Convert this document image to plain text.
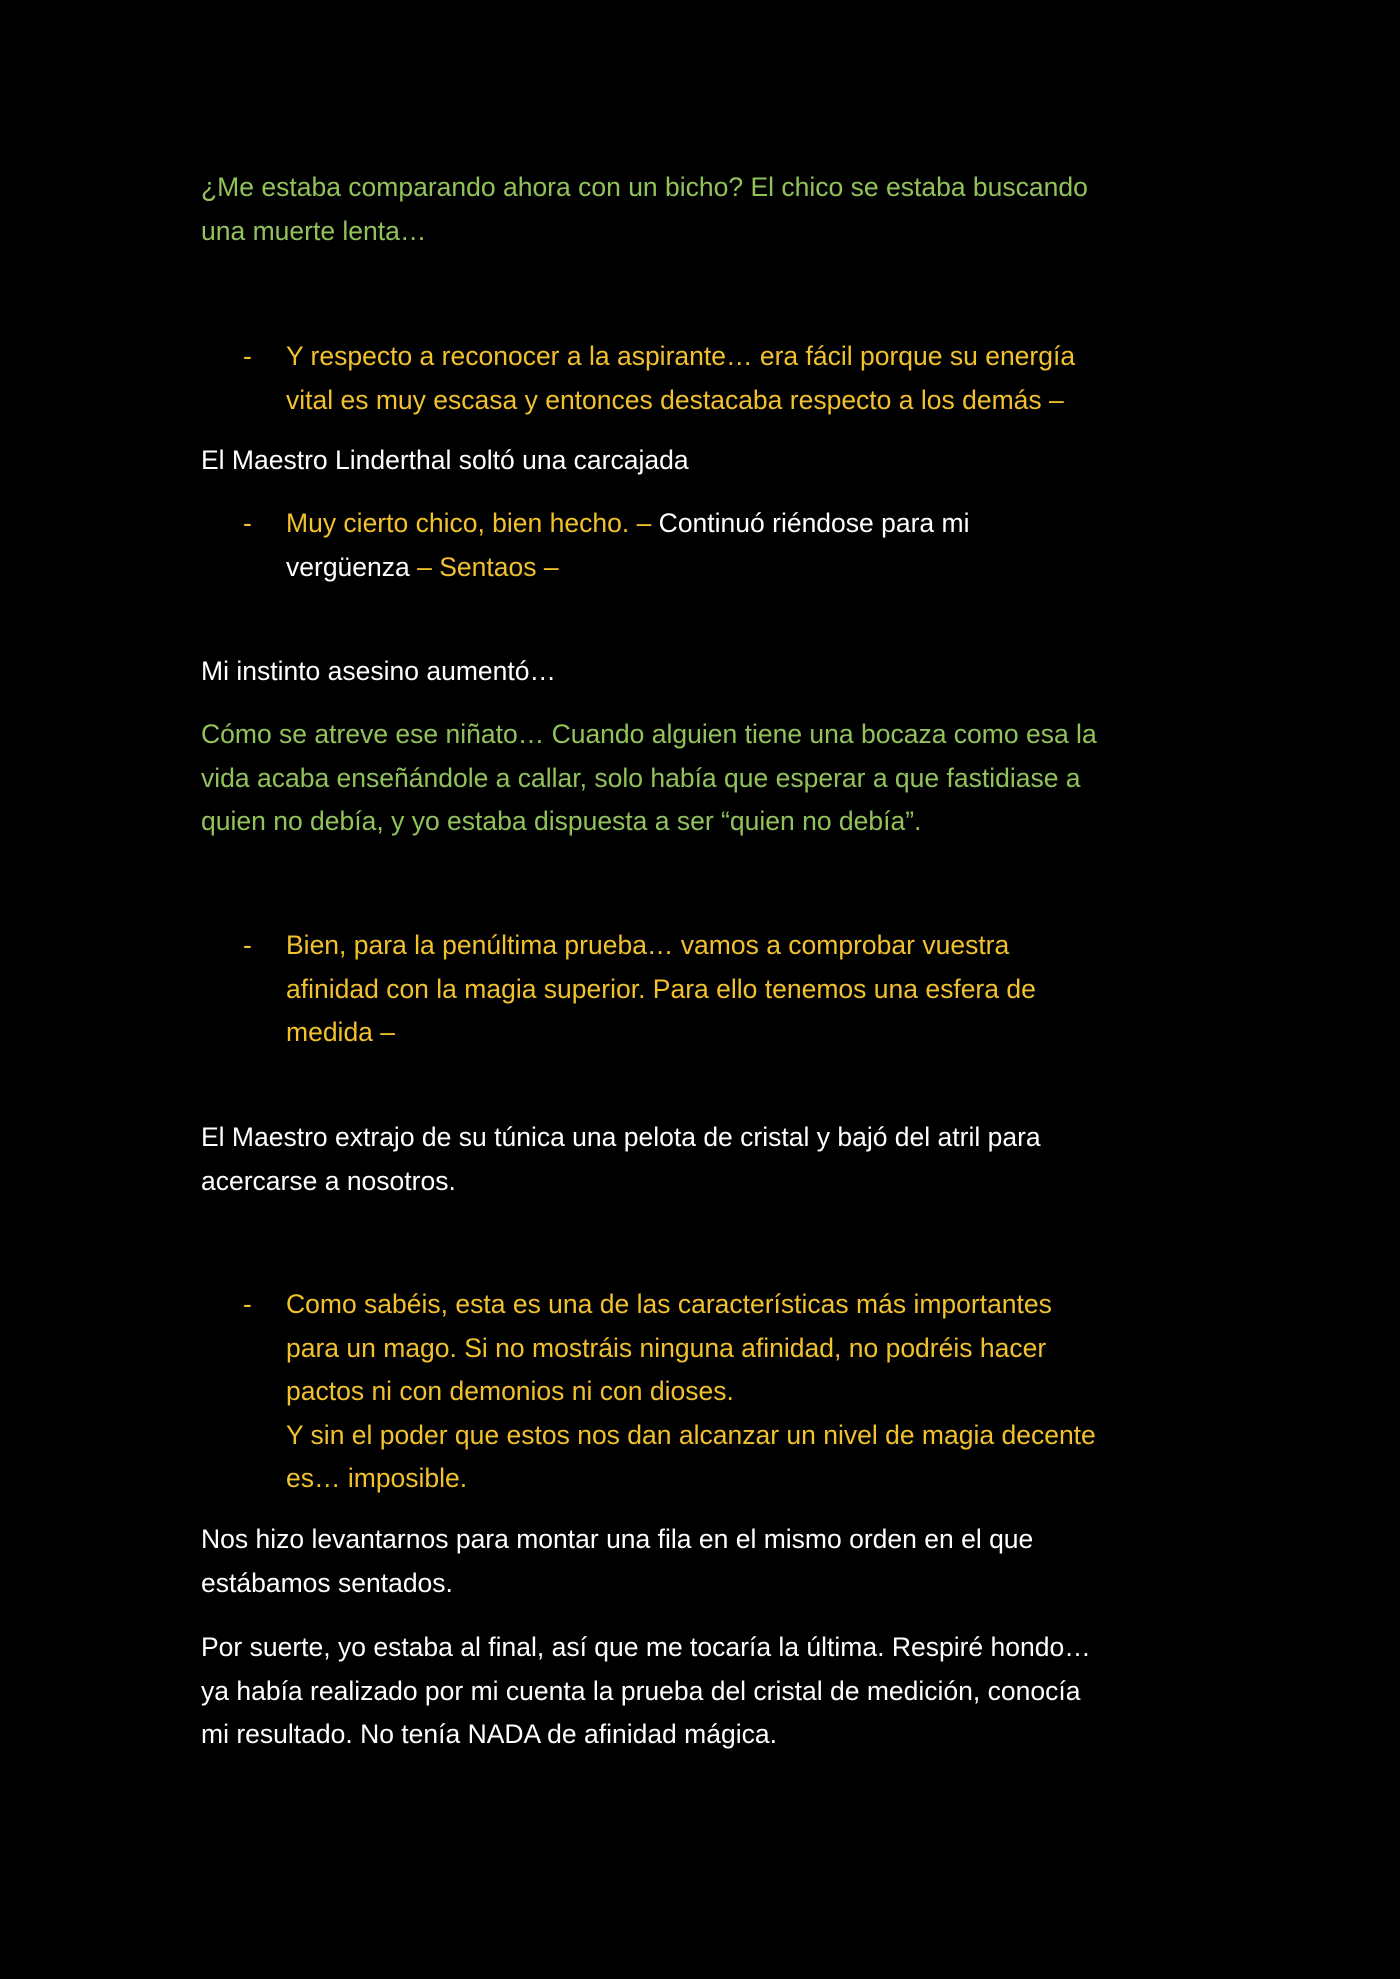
¿Me estaba comparando ahora con un bicho? El chico se estaba buscando
una muerte lenta…

- Y respecto a reconocer a la aspirante… era fácil porque su energía
vital es muy escasa y entonces destacaba respecto a los demás –

El Maestro Linderthal soltó una carcajada

- Muy cierto chico, bien hecho. – Continuó riéndose para mi
vergüenza – Sentaos –

Mi instinto asesino aumentó…

Cómo se atreve ese niñato… Cuando alguien tiene una bocaza como esa la
vida acaba enseñándole a callar, solo había que esperar a que fastidiase a
quien no debía, y yo estaba dispuesta a ser “quien no debía”.

- Bien, para la penúltima prueba… vamos a comprobar vuestra
afinidad con la magia superior. Para ello tenemos una esfera de
medida –

El Maestro extrajo de su túnica una pelota de cristal y bajó del atril para
acercarse a nosotros.

- Como sabéis, esta es una de las características más importantes
para un mago. Si no mostráis ninguna afinidad, no podréis hacer
pactos ni con demonios ni con dioses.
Y sin el poder que estos nos dan alcanzar un nivel de magia decente
es… imposible.

Nos hizo levantarnos para montar una fila en el mismo orden en el que
estábamos sentados.

Por suerte, yo estaba al final, así que me tocaría la última. Respiré hondo…
ya había realizado por mi cuenta la prueba del cristal de medición, conocía
mi resultado. No tenía NADA de afinidad mágica.
